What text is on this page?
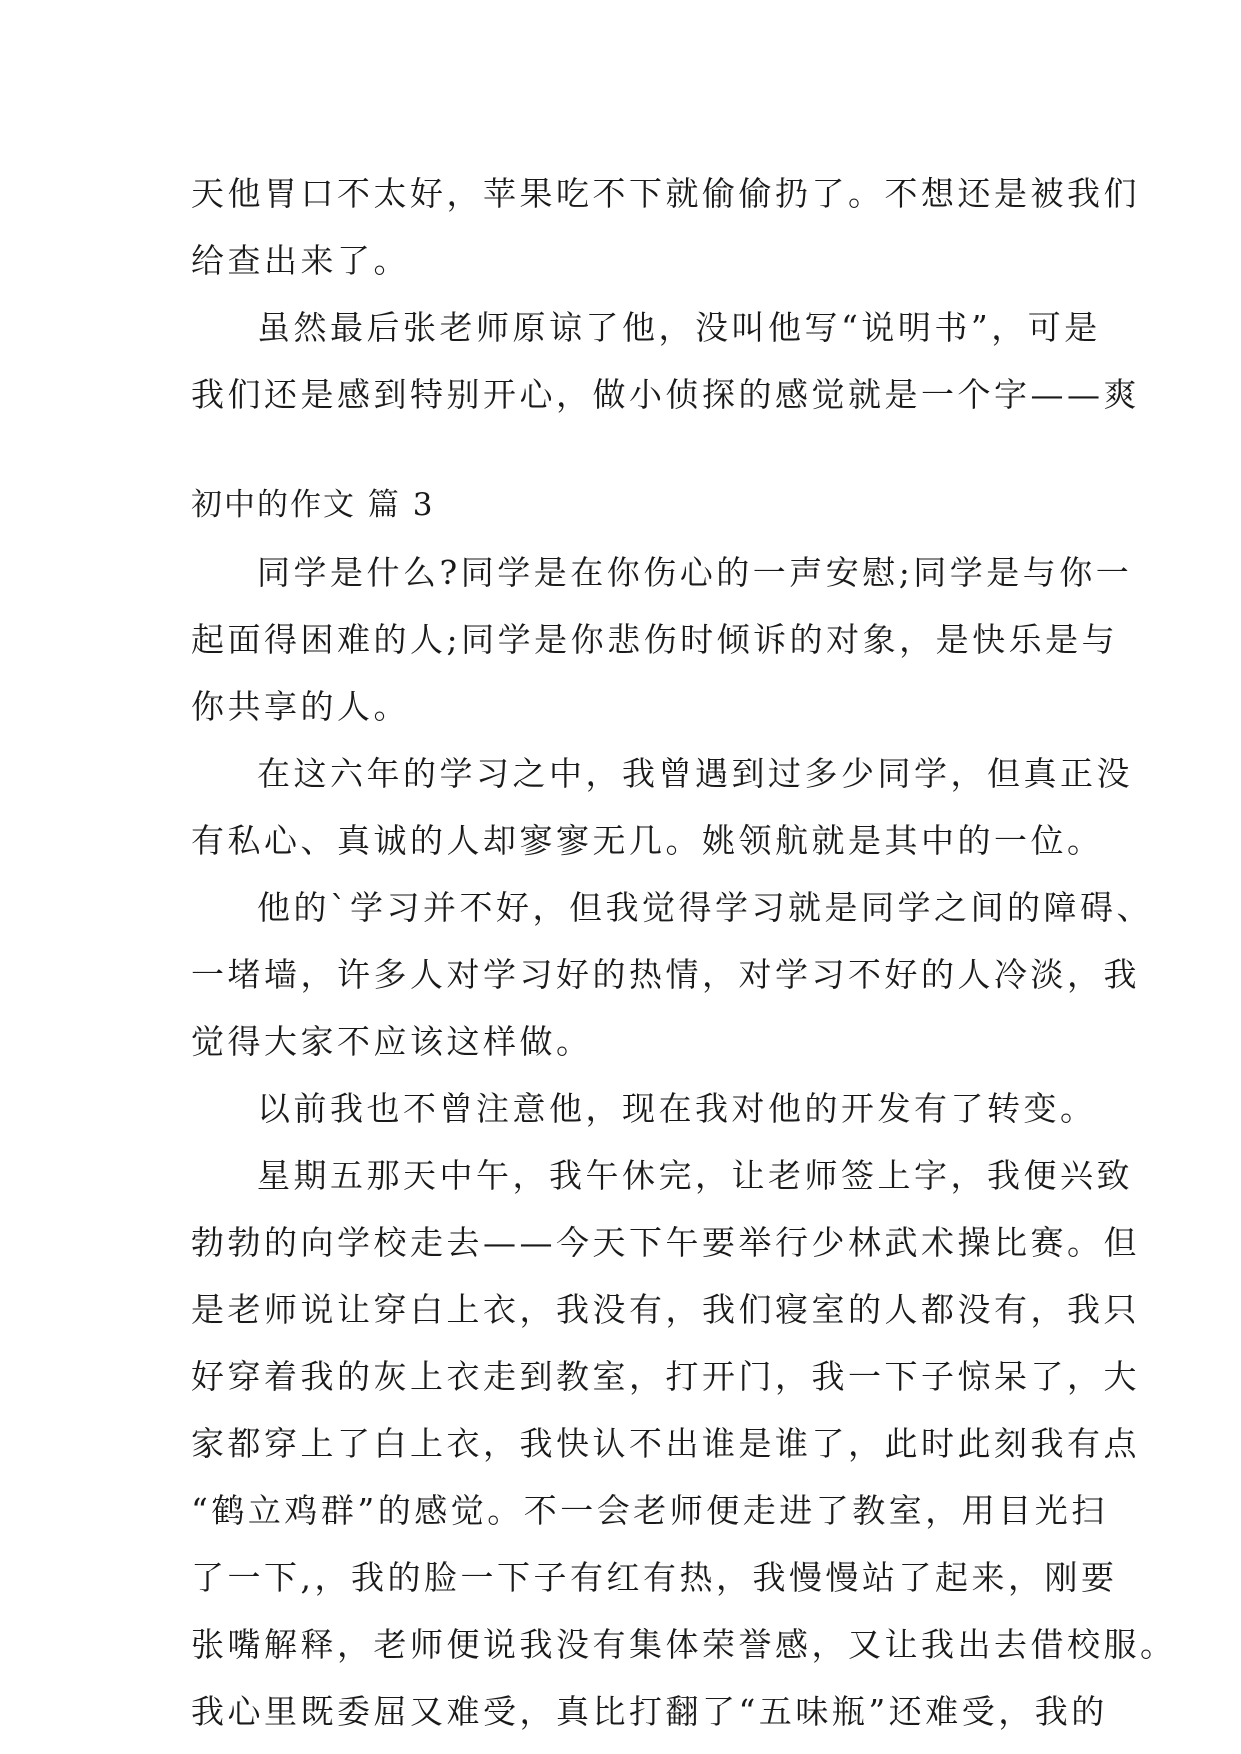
天他胃口不太好，苹果吃不下就偷偷扔了。不想还是被我们
给查出来了。
虽然最后张老师原谅了他，没叫他写“说明书”，可是
我们还是感到特别开心，做小侦探的感觉就是一个字——爽
初中的作文 篇 3
同学是什么?同学是在你伤心的一声安慰;同学是与你一
起面得困难的人;同学是你悲伤时倾诉的对象，是快乐是与
你共享的人。
在这六年的学习之中，我曾遇到过多少同学，但真正没
有私心、真诚的人却寥寥无几。姚领航就是其中的一位。
他的`学习并不好，但我觉得学习就是同学之间的障碍、
一堵墙，许多人对学习好的热情，对学习不好的人冷淡，我
觉得大家不应该这样做。
以前我也不曾注意他，现在我对他的开发有了转变。
星期五那天中午，我午休完，让老师签上字，我便兴致
勃勃的向学校走去——今天下午要举行少林武术操比赛。但
是老师说让穿白上衣，我没有，我们寝室的人都没有，我只
好穿着我的灰上衣走到教室，打开门，我一下子惊呆了，大
家都穿上了白上衣，我快认不出谁是谁了，此时此刻我有点
“鹤立鸡群”的感觉。不一会老师便走进了教室，用目光扫
了一下,，我的脸一下子有红有热，我慢慢站了起来，刚要
张嘴解释，老师便说我没有集体荣誉感，又让我出去借校服。
我心里既委屈又难受，真比打翻了“五味瓶”还难受，我的
